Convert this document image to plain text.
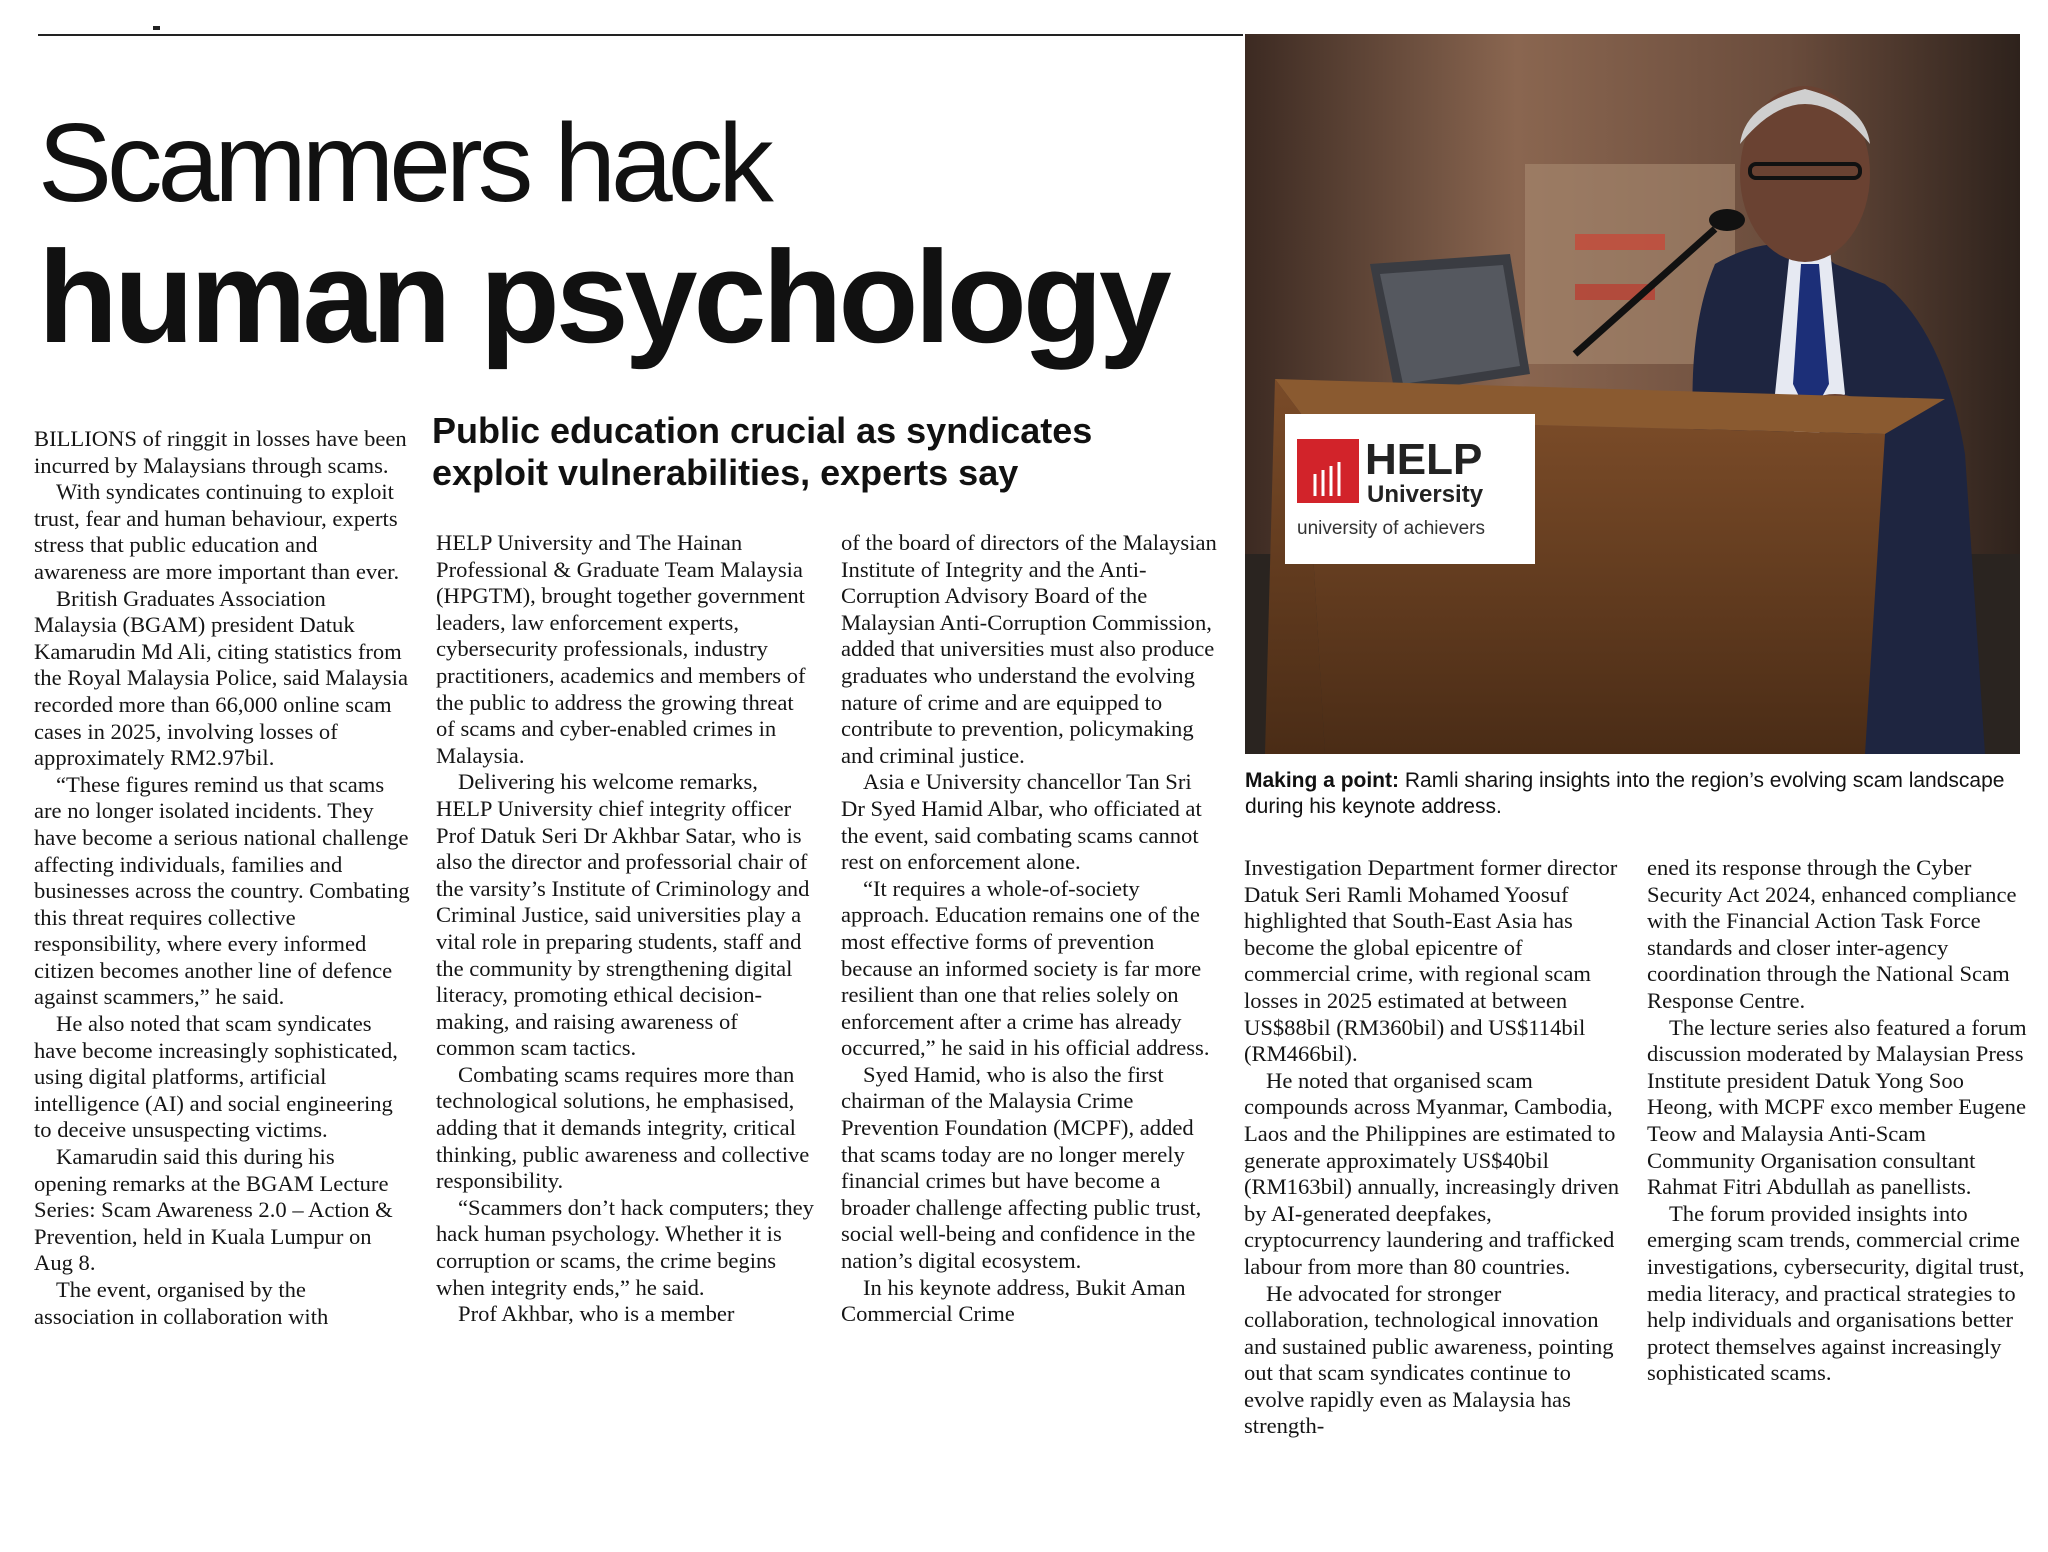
Scammers hack
human psychology
Public education crucial as syndicates exploit vulnerabilities, experts say

BILLIONS of ringgit in losses have been incurred by Malaysians through scams.

With syndicates continuing to exploit trust, fear and human behaviour, experts stress that public education and awareness are more important than ever.

British Graduates Association Malaysia (BGAM) president Datuk Kamarudin Md Ali, citing statistics from the Royal Malaysia Police, said Malaysia recorded more than 66,000 online scam cases in 2025, involving losses of approximately RM2.97bil.

“These figures remind us that scams are no longer isolated incidents. They have become a serious national challenge affecting individuals, families and businesses across the country. Combating this threat requires collective responsibility, where every informed citizen becomes another line of defence against scammers,” he said.

He also noted that scam syndicates have become increasingly sophisticated, using digital platforms, artificial intelligence (AI) and social engineering to deceive unsuspecting victims.

Kamarudin said this during his opening remarks at the BGAM Lecture Series: Scam Awareness 2.0 – Action & Prevention, held in Kuala Lumpur on Aug 8.

The event, organised by the association in collaboration with

HELP University and The Hainan Professional & Graduate Team Malaysia (HPGTM), brought together government leaders, law enforcement experts, cybersecurity professionals, industry practitioners, academics and members of the public to address the growing threat of scams and cyber-enabled crimes in Malaysia.

Delivering his welcome remarks, HELP University chief integrity officer Prof Datuk Seri Dr Akhbar Satar, who is also the director and professorial chair of the varsity’s Institute of Criminology and Criminal Justice, said universities play a vital role in preparing students, staff and the community by strengthening digital literacy, promoting ethical decision-making, and raising awareness of common scam tactics.

Combating scams requires more than technological solutions, he emphasised, adding that it demands integrity, critical thinking, public awareness and collective responsibility.

“Scammers don’t hack computers; they hack human psychology. Whether it is corruption or scams, the crime begins when integrity ends,” he said.

Prof Akhbar, who is a member

of the board of directors of the Malaysian Institute of Integrity and the Anti-Corruption Advisory Board of the Malaysian Anti-Corruption Commission, added that universities must also produce graduates who understand the evolving nature of crime and are equipped to contribute to prevention, policymaking and criminal justice.

Asia e University chancellor Tan Sri Dr Syed Hamid Albar, who officiated at the event, said combating scams cannot rest on enforcement alone.

“It requires a whole-of-society approach. Education remains one of the most effective forms of prevention because an informed society is far more resilient than one that relies solely on enforcement after a crime has already occurred,” he said in his official address.

Syed Hamid, who is also the first chairman of the Malaysia Crime Prevention Foundation (MCPF), added that scams today are no longer merely financial crimes but have become a broader challenge affecting public trust, social well-being and confidence in the nation’s digital ecosystem.

In his keynote address, Bukit Aman Commercial Crime

HELP
University
university of achievers

Making a point: Ramli sharing insights into the region’s evolving scam landscape during his keynote address.

Investigation Department former director Datuk Seri Ramli Mohamed Yoosuf highlighted that South-East Asia has become the global epicentre of commercial crime, with regional scam losses in 2025 estimated at between US$88bil (RM360bil) and US$114bil (RM466bil).

He noted that organised scam compounds across Myanmar, Cambodia, Laos and the Philippines are estimated to generate approximately US$40bil (RM163bil) annually, increasingly driven by AI-generated deepfakes, cryptocurrency laundering and trafficked labour from more than 80 countries.

He advocated for stronger collaboration, technological innovation and sustained public awareness, pointing out that scam syndicates continue to evolve rapidly even as Malaysia has strength-

ened its response through the Cyber Security Act 2024, enhanced compliance with the Financial Action Task Force standards and closer inter-agency coordination through the National Scam Response Centre.

The lecture series also featured a forum discussion moderated by Malaysian Press Institute president Datuk Yong Soo Heong, with MCPF exco member Eugene Teow and Malaysia Anti-Scam Community Organisation consultant Rahmat Fitri Abdullah as panellists.

The forum provided insights into emerging scam trends, commercial crime investigations, cybersecurity, digital trust, media literacy, and practical strategies to help individuals and organisations better protect themselves against increasingly sophisticated scams.
